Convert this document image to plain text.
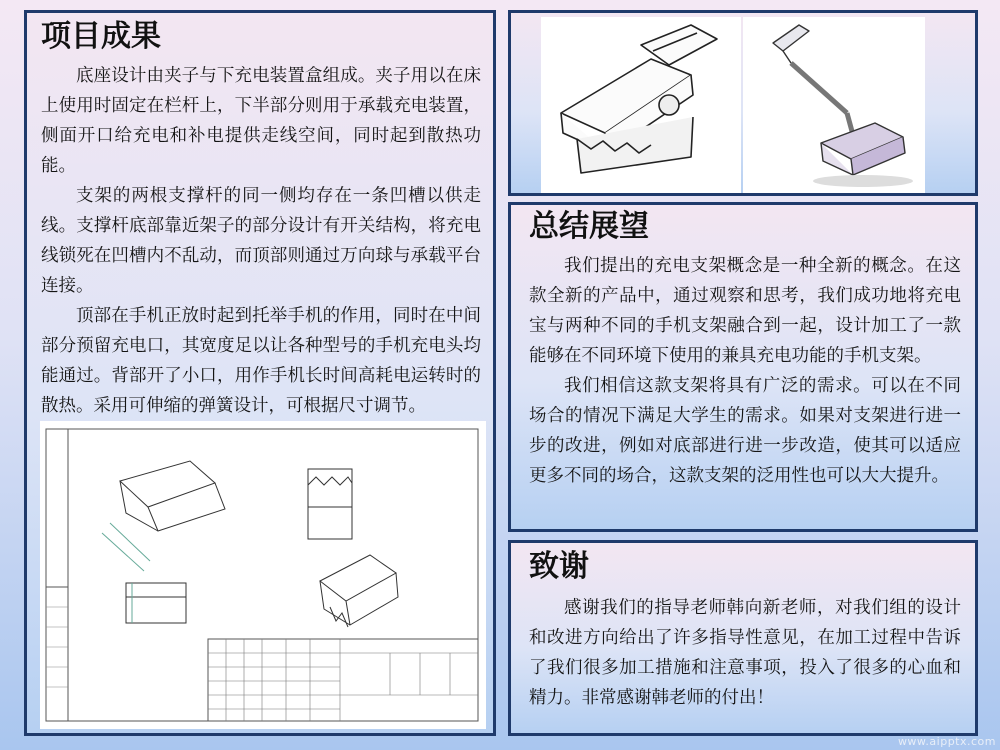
项目成果

底座设计由夹子与下充电装置盒组成。夹子用以在床上使用时固定在栏杆上，下半部分则用于承载充电装置，侧面开口给充电和补电提供走线空间，同时起到散热功能。

支架的两根支撑杆的同一侧均存在一条凹槽以供走线。支撑杆底部靠近架子的部分设计有开关结构，将充电线锁死在凹槽内不乱动，而顶部则通过万向球与承载平台连接。

顶部在手机正放时起到托举手机的作用，同时在中间部分预留充电口，其宽度足以让各种型号的手机充电头均能通过。背部开了小口，用作手机长时间高耗电运转时的散热。采用可伸缩的弹簧设计，可根据尺寸调节。

总结展望

我们提出的充电支架概念是一种全新的概念。在这款全新的产品中，通过观察和思考，我们成功地将充电宝与两种不同的手机支架融合到一起，设计加工了一款能够在不同环境下使用的兼具充电功能的手机支架。

我们相信这款支架将具有广泛的需求。可以在不同场合的情况下满足大学生的需求。如果对支架进行进一步的改进，例如对底部进行进一步改造，使其可以适应更多不同的场合，这款支架的泛用性也可以大大提升。

致谢

感谢我们的指导老师韩向新老师，对我们组的设计和改进方向给出了许多指导性意见，在加工过程中告诉了我们很多加工措施和注意事项，投入了很多的心血和精力。非常感谢韩老师的付出！

www.aipptx.com
